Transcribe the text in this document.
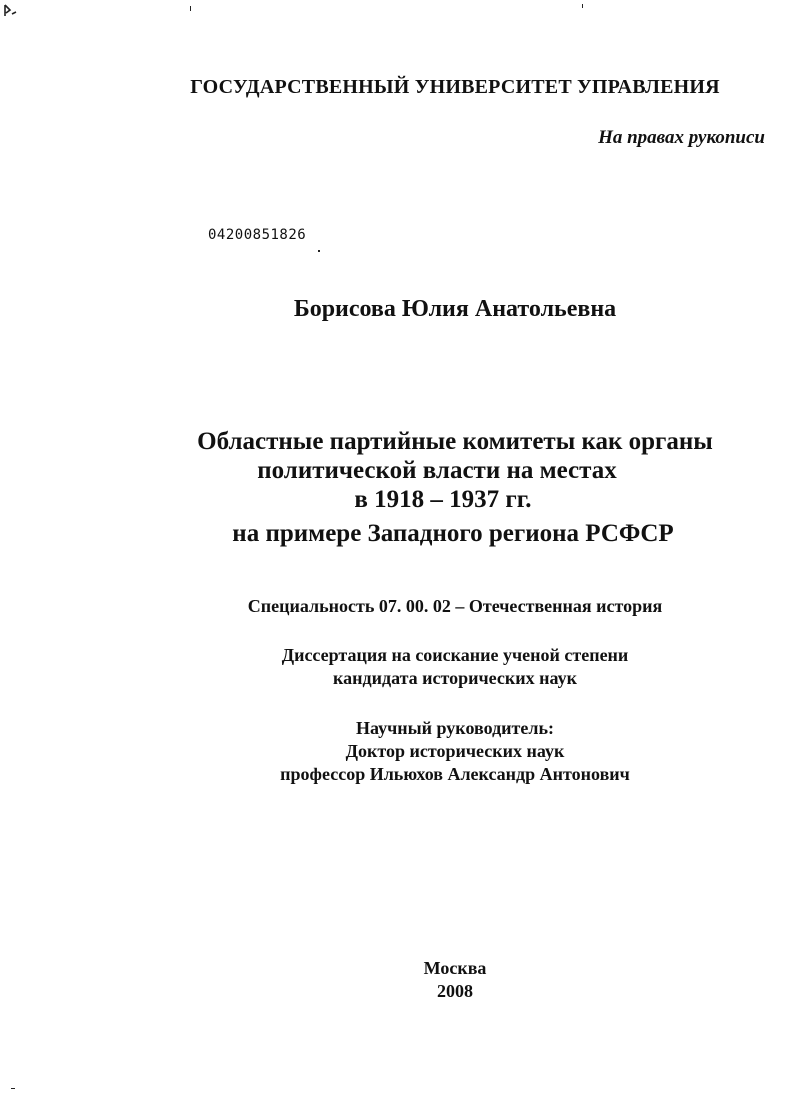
ГОСУДАРСТВЕННЫЙ УНИВЕРСИТЕТ УПРАВЛЕНИЯ
На правах рукописи
04200851826
Борисова Юлия Анатольевна
Областные партийные комитеты как органы
политической власти на местах
в 1918 – 1937 гг.
на примере Западного региона РСФСР
Специальность 07. 00. 02 – Отечественная история
Диссертация на соискание ученой степени
кандидата исторических наук
Научный руководитель:
Доктор исторических наук
профессор Ильюхов Александр Антонович
Москва
2008
